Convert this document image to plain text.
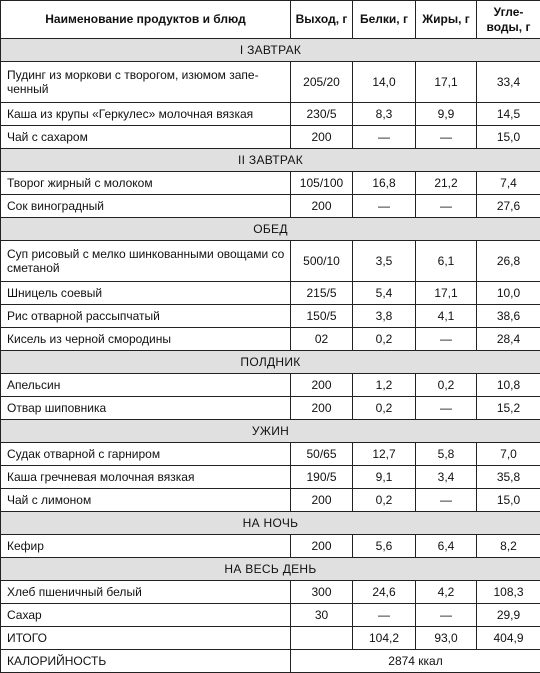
Наименование продуктов и блюд	Выход, г	Белки, г	Жиры, г	Угле-воды, г
I ЗАВТРАК				
Пудинг из моркови с творогом, изюмом запе-ченный	205/20	14,0	17,1	33,4
Каша из крупы «Геркулес» молочная вязкая	230/5	8,3	9,9	14,5
Чай с сахаром	200	—	—	15,0
II ЗАВТРАК				
Творог жирный с молоком	105/100	16,8	21,2	7,4
Сок виноградный	200	—	—	27,6
ОБЕД				
Суп рисовый с мелко шинкованными овощами со сметаной	500/10	3,5	6,1	26,8
Шницель соевый	215/5	5,4	17,1	10,0
Рис отварной рассыпчатый	150/5	3,8	4,1	38,6
Кисель из черной смородины	02	0,2	—	28,4
ПОЛДНИК				
Апельсин	200	1,2	0,2	10,8
Отвар шиповника	200	0,2	—	15,2
УЖИН				
Судак отварной с гарниром	50/65	12,7	5,8	7,0
Каша гречневая молочная вязкая	190/5	9,1	3,4	35,8
Чай с лимоном	200	0,2	—	15,0
НА НОЧЬ				
Кефир	200	5,6	6,4	8,2
НА ВЕСЬ ДЕНЬ				
Хлеб пшеничный белый	300	24,6	4,2	108,3
Сахар	30	—	—	29,9
ИТОГО		104,2	93,0	404,9
КАЛОРИЙНОСТЬ	2874 ккал			
